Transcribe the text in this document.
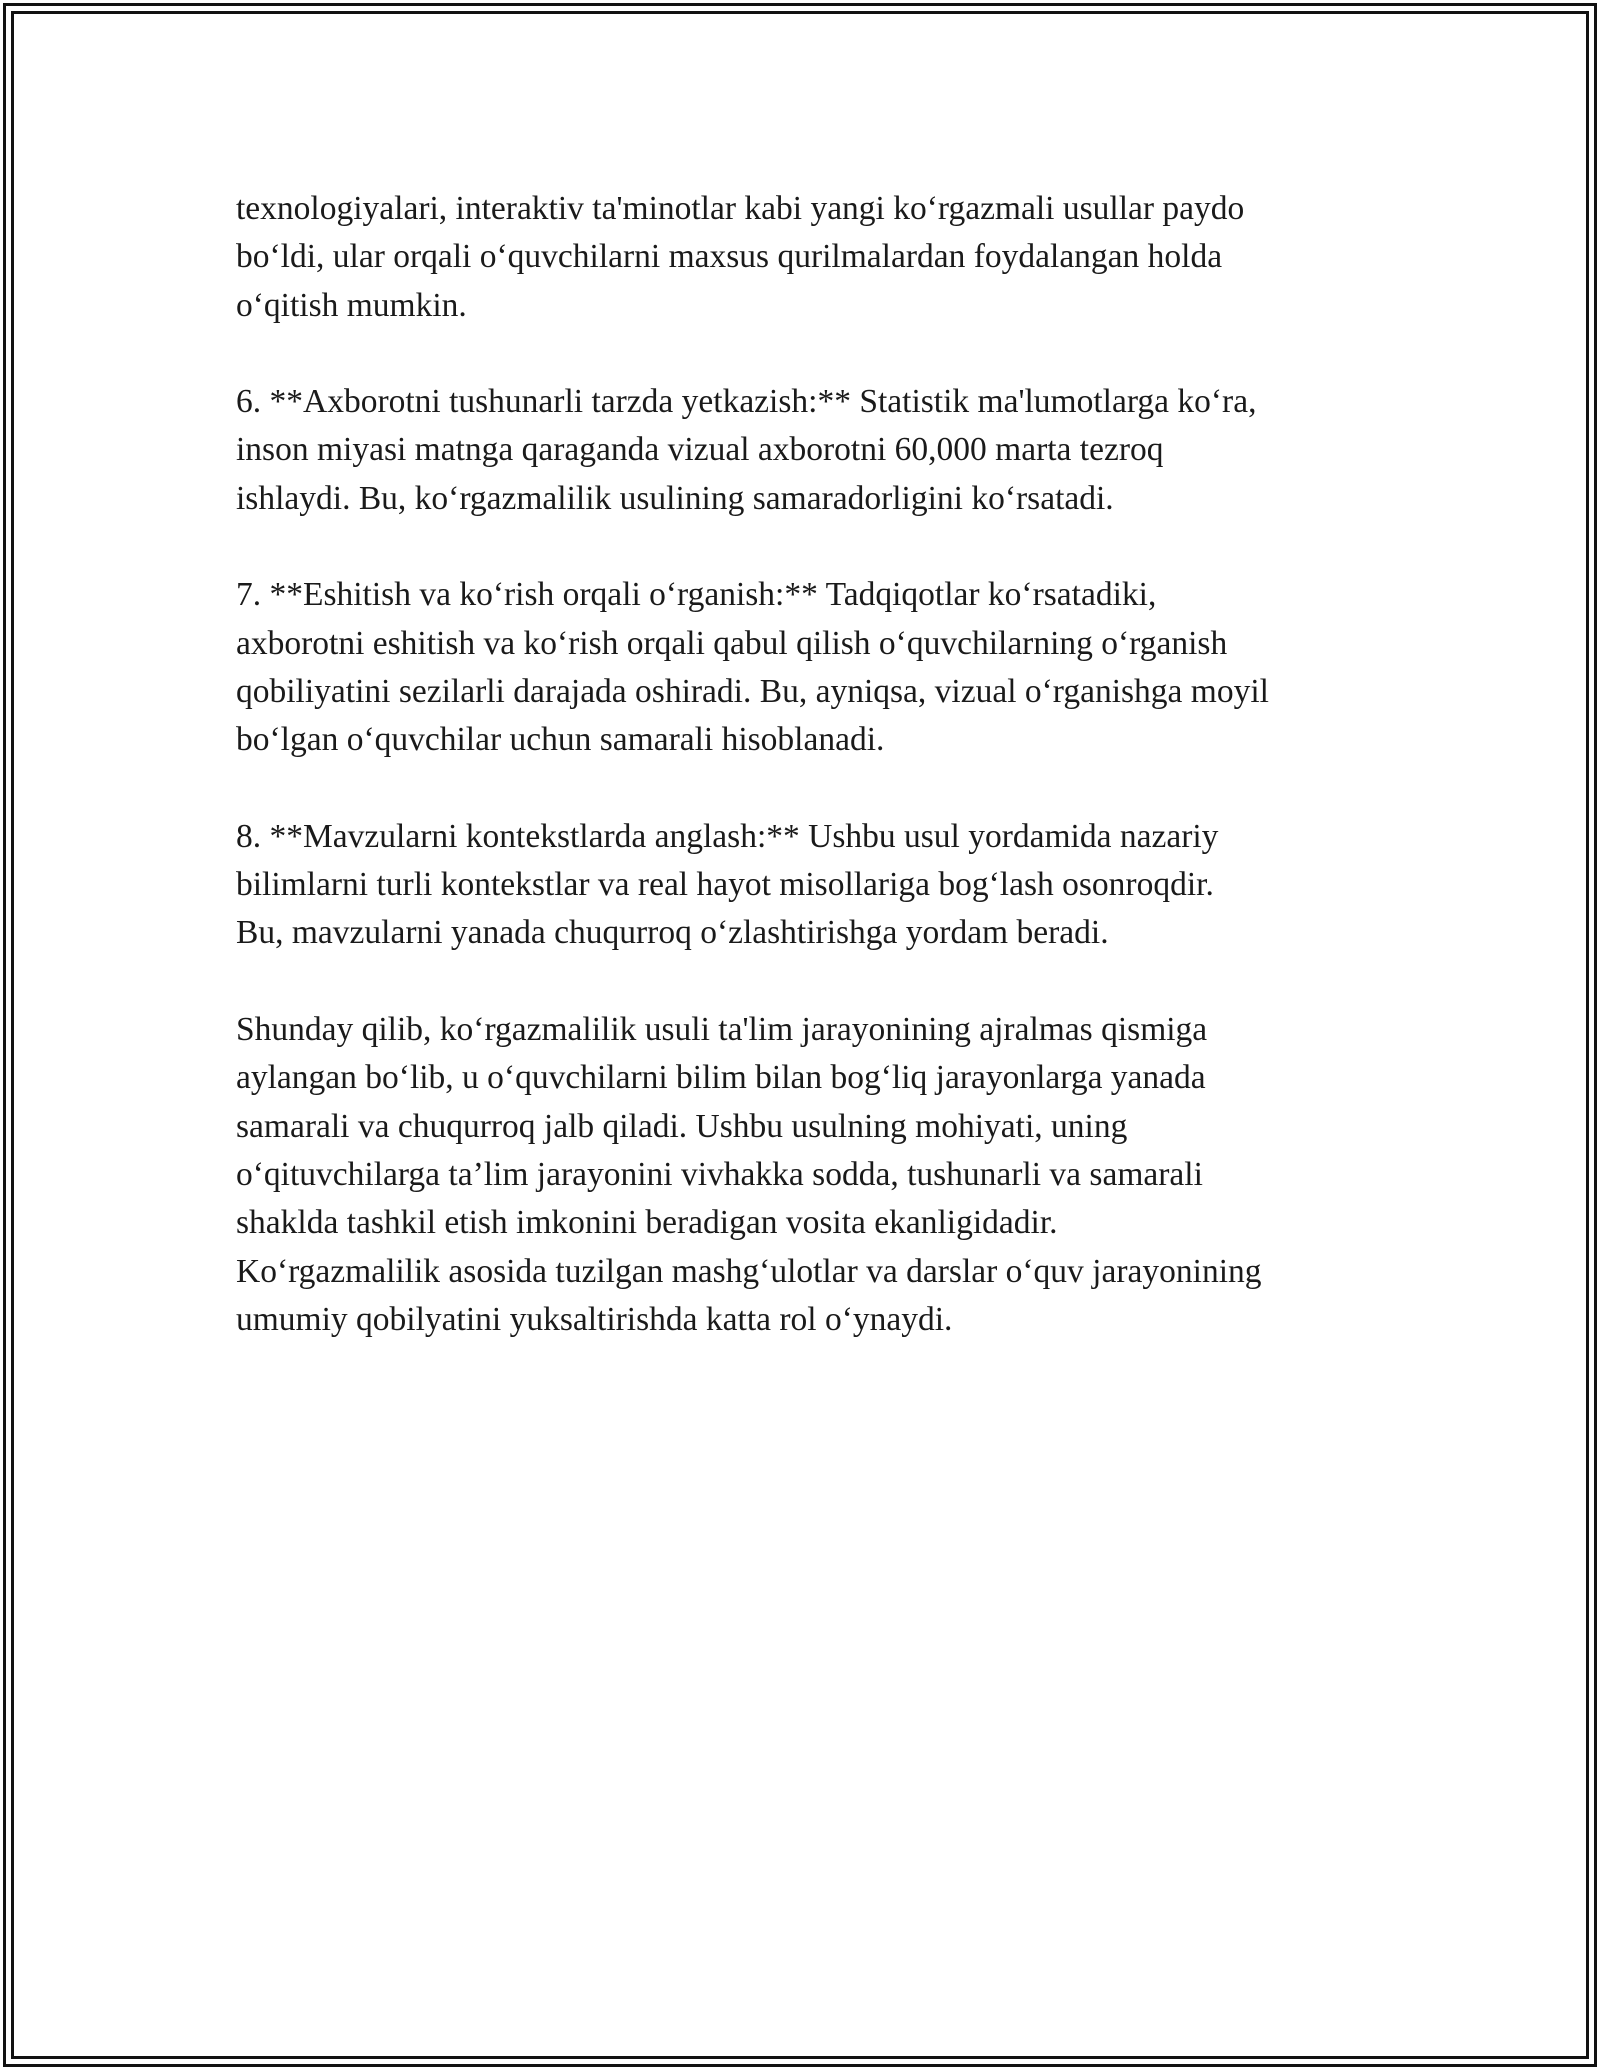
texnologiyalari, interaktiv ta'minotlar kabi yangi ko‘rgazmali usullar paydo
bo‘ldi, ular orqali o‘quvchilarni maxsus qurilmalardan foydalangan holda
o‘qitish mumkin.

6. **Axborotni tushunarli tarzda yetkazish:** Statistik ma'lumotlarga ko‘ra,
inson miyasi matnga qaraganda vizual axborotni 60,000 marta tezroq
ishlaydi. Bu, ko‘rgazmalilik usulining samaradorligini ko‘rsatadi.

7. **Eshitish va ko‘rish orqali o‘rganish:** Tadqiqotlar ko‘rsatadiki,
axborotni eshitish va ko‘rish orqali qabul qilish o‘quvchilarning o‘rganish
qobiliyatini sezilarli darajada oshiradi. Bu, ayniqsa, vizual o‘rganishga moyil
bo‘lgan o‘quvchilar uchun samarali hisoblanadi.

8. **Mavzularni kontekstlarda anglash:** Ushbu usul yordamida nazariy
bilimlarni turli kontekstlar va real hayot misollariga bog‘lash osonroqdir.
Bu, mavzularni yanada chuqurroq o‘zlashtirishga yordam beradi.

Shunday qilib, ko‘rgazmalilik usuli ta'lim jarayonining ajralmas qismiga
aylangan bo‘lib, u o‘quvchilarni bilim bilan bog‘liq jarayonlarga yanada
samarali va chuqurroq jalb qiladi. Ushbu usulning mohiyati, uning
o‘qituvchilarga ta’lim jarayonini vivhakka sodda, tushunarli va samarali
shaklda tashkil etish imkonini beradigan vosita ekanligidadir.
Ko‘rgazmalilik asosida tuzilgan mashg‘ulotlar va darslar o‘quv jarayonining
umumiy qobilyatini yuksaltirishda katta rol o‘ynaydi.
